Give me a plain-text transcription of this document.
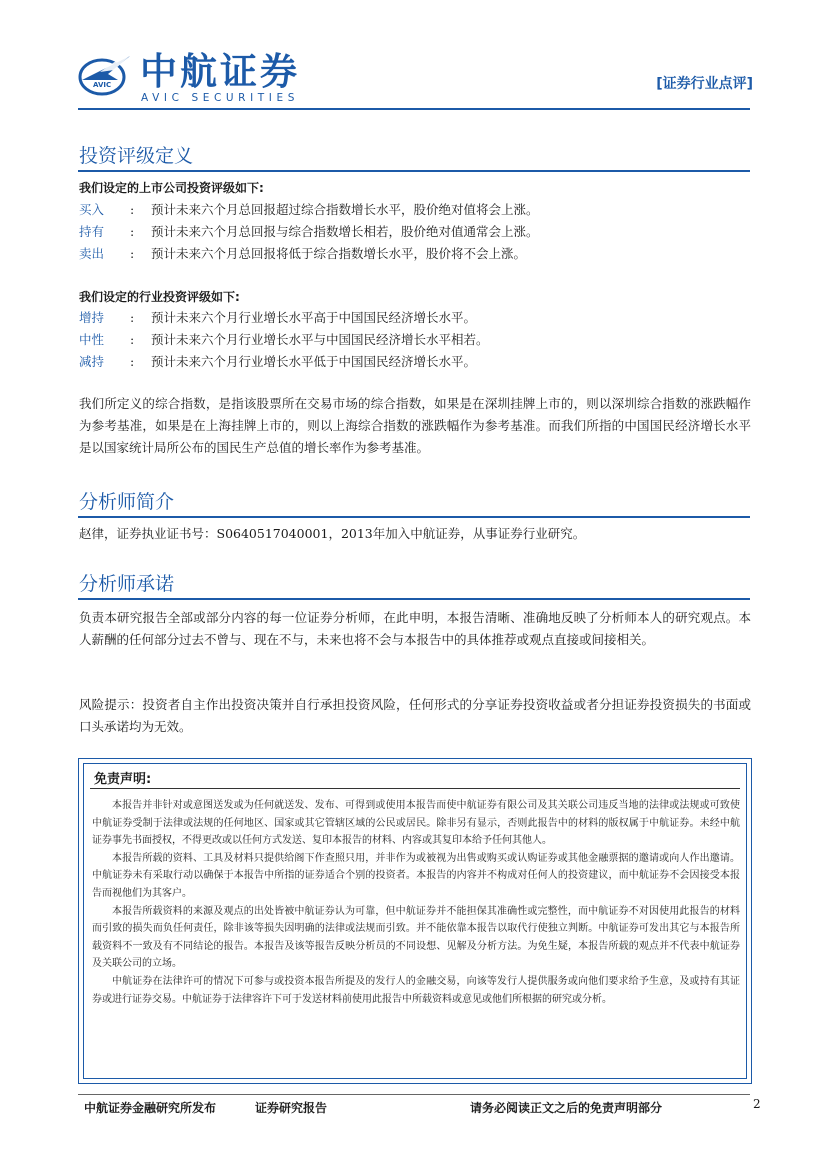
AVIC 中航证券
AVIC SECURITIES
[证券行业点评]
投资评级定义
我们设定的上市公司投资评级如下:
买入 : 预计未来六个月总回报超过综合指数增长水平，股价绝对值将会上涨。
持有 : 预计未来六个月总回报与综合指数增长相若，股价绝对值通常会上涨。
卖出 : 预计未来六个月总回报将低于综合指数增长水平，股价将不会上涨。
我们设定的行业投资评级如下:
增持 : 预计未来六个月行业增长水平高于中国国民经济增长水平。
中性 : 预计未来六个月行业增长水平与中国国民经济增长水平相若。
减持 : 预计未来六个月行业增长水平低于中国国民经济增长水平。
我们所定义的综合指数，是指该股票所在交易市场的综合指数，如果是在深圳挂牌上市的，则以深圳综合指数的涨跌幅作为参考基准，如果是在上海挂牌上市的，则以上海综合指数的涨跌幅作为参考基准。而我们所指的中国国民经济增长水平是以国家统计局所公布的国民生产总值的增长率作为参考基准。
分析师简介
赵律，证券执业证书号：S0640517040001，2013年加入中航证券，从事证券行业研究。
分析师承诺
负责本研究报告全部或部分内容的每一位证券分析师，在此申明，本报告清晰、准确地反映了分析师本人的研究观点。本人薪酬的任何部分过去不曾与、现在不与，未来也将不会与本报告中的具体推荐或观点直接或间接相关。
风险提示：投资者自主作出投资决策并自行承担投资风险，任何形式的分享证券投资收益或者分担证券投资损失的书面或口头承诺均为无效。
免责声明:

本报告并非针对或意图送发或为任何就送发、发布、可得到或使用本报告而使中航证券有限公司及其关联公司违反当地的法律或法规或可致使中航证券受制于法律或法规的任何地区、国家或其它管辖区域的公民或居民。除非另有显示，否则此报告中的材料的版权属于中航证券。未经中航证券事先书面授权，不得更改或以任何方式发送、复印本报告的材料、内容或其复印本给予任何其他人。

本报告所载的资料、工具及材料只提供给阁下作查照只用，并非作为或被视为出售或购买或认购证券或其他金融票据的邀请或向人作出邀请。中航证券未有采取行动以确保于本报告中所指的证券适合个别的投资者。本报告的内容并不构成对任何人的投资建议，而中航证券不会因接受本报告而视他们为其客户。

本报告所载资料的来源及观点的出处皆被中航证券认为可靠，但中航证券并不能担保其准确性或完整性，而中航证券不对因使用此报告的材料而引致的损失而负任何责任，除非该等损失因明确的法律或法规而引致。并不能依靠本报告以取代行使独立判断。中航证券可发出其它与本报告所载资料不一致及有不同结论的报告。本报告及该等报告反映分析员的不同设想、见解及分析方法。为免生疑，本报告所载的观点并不代表中航证券及关联公司的立场。

中航证券在法律许可的情况下可参与或投资本报告所提及的发行人的金融交易，向该等发行人提供服务或向他们要求给予生意，及或持有其证券或进行证券交易。中航证券于法律容许下可于发送材料前使用此报告中所载资料或意见或他们所根据的研究或分析。

中航证券金融研究所发布	证券研究报告	请务必阅读正文之后的免责声明部分	2
